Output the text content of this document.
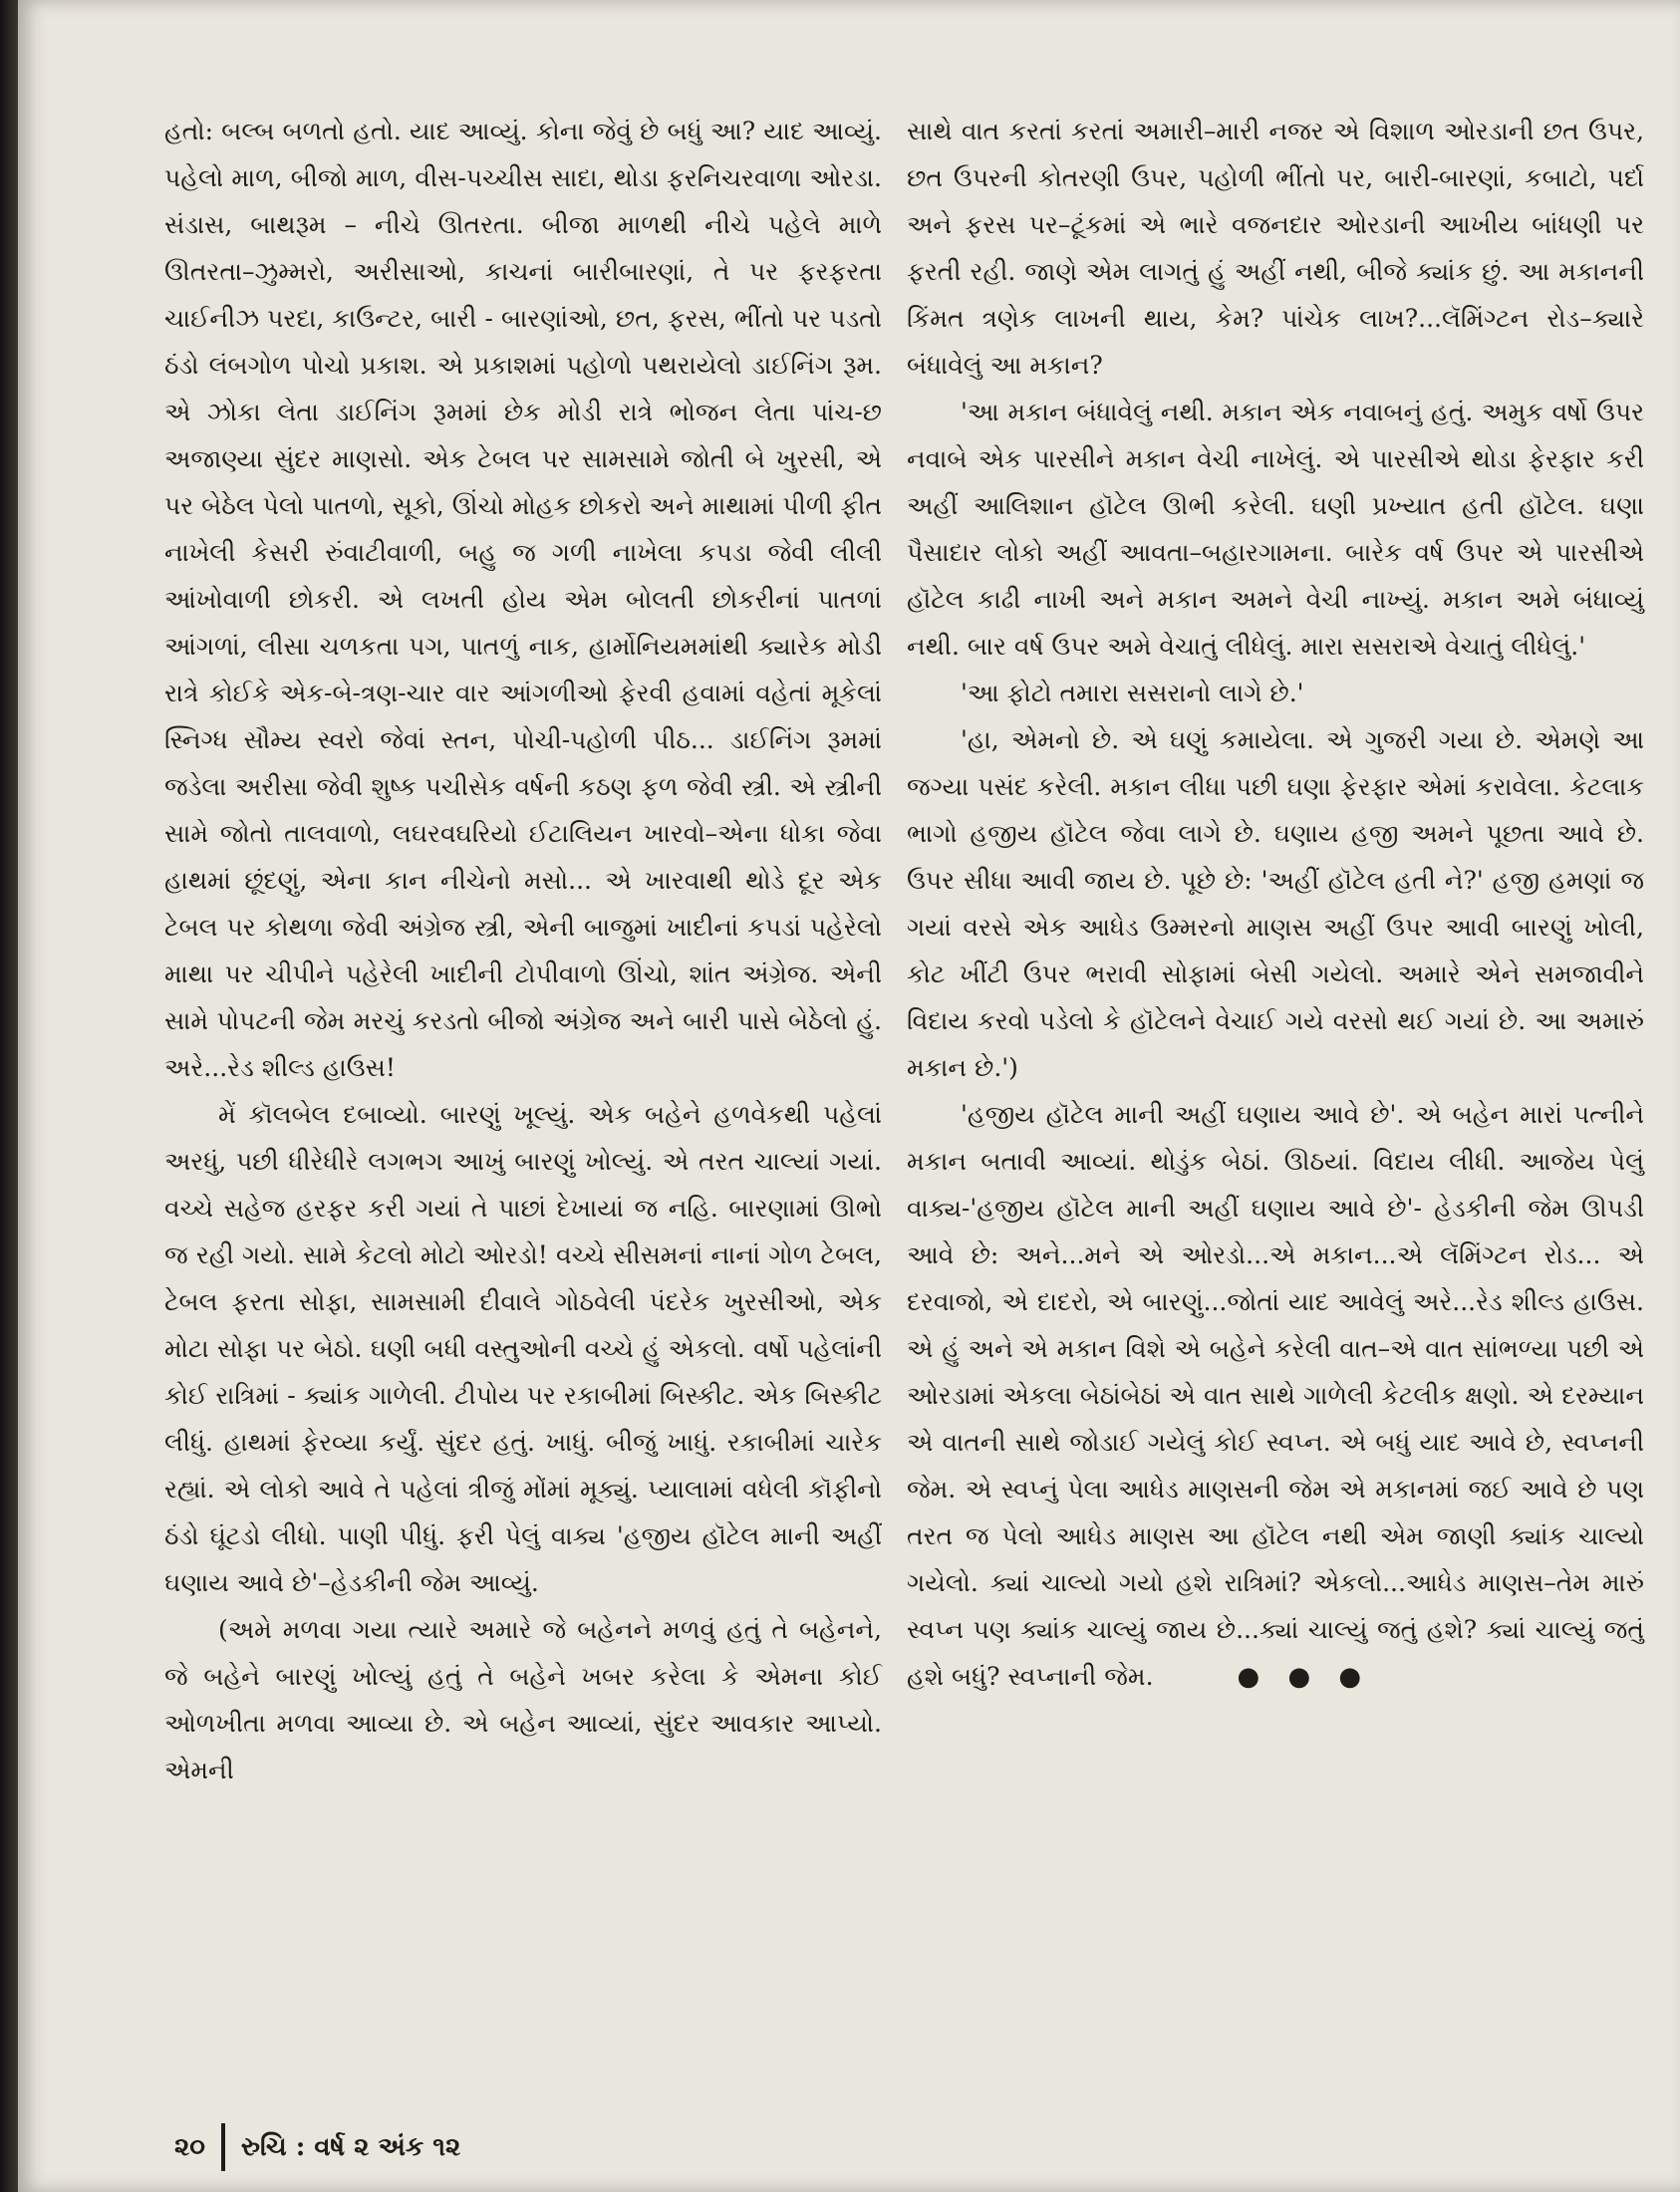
હતો: બલ્બ બળતો હતો. યાદ આવ્યું. કોના જેવું છે બધું આ? યાદ આવ્યું. પહેલો માળ, બીજો માળ, વીસ-પચ્ચીસ સાદા, થોડા ફરનિચરવાળા ઓરડા. સંડાસ, બાથરૂમ – નીચે ઊતરતા. બીજા માળથી નીચે પહેલે માળે ઊતરતા–ઝુમ્મરો, અરીસાઓ, કાચનાં બારીબારણાં, તે પર ફરફરતા ચાઈનીઝ પરદા, કાઉન્ટર, બારી - બારણાંઓ, છત, ફરસ, ભીંતો પર પડતો ઠંડો લંબગોળ પોચો પ્રકાશ. એ પ્રકાશમાં પહોળો પથરાયેલો ડાઈનિંગ રૂમ. એ ઝોકા લેતા ડાઈનિંગ રૂમમાં છેક મોડી રાત્રે ભોજન લેતા પાંચ-છ અજાણ્યા સુંદર માણસો. એક ટેબલ પર સામસામે જોતી બે ખુરસી, એ પર બેઠેલ પેલો પાતળો, સૂકો, ઊંચો મોહક છોકરો અને માથામાં પીળી ફીત નાખેલી કેસરી રુંવાટીવાળી, બહુ જ ગળી નાખેલા કપડા જેવી લીલી આંખોવાળી છોકરી. એ લખતી હોય એમ બોલતી છોકરીનાં પાતળાં આંગળાં, લીસા ચળકતા પગ, પાતળું નાક, હાર્મોનિયમમાંથી ક્યારેક મોડી રાત્રે કોઈકે એક-બે-ત્રણ-ચાર વાર આંગળીઓ ફેરવી હવામાં વહેતાં મૂકેલાં સ્નિગ્ધ સૌમ્ય સ્વરો જેવાં સ્તન, પોચી-પહોળી પીઠ... ડાઈનિંગ રૂમમાં જડેલા અરીસા જેવી શુષ્ક પચીસેક વર્ષની કઠણ ફળ જેવી સ્ત્રી. એ સ્ત્રીની સામે જોતો તાલવાળો, લઘરવઘરિયો ઈટાલિયન ખારવો–એના ધોકા જેવા હાથમાં છૂંદણું, એના કાન નીચેનો મસો... એ ખારવાથી થોડે દૂર એક ટેબલ પર કોથળા જેવી અંગ્રેજ સ્ત્રી, એની બાજુમાં ખાદીનાં કપડાં પહેરેલો માથા પર ચીપીને પહેરેલી ખાદીની ટોપીવાળો ઊંચો, શાંત અંગ્રેજ. એની સામે પોપટની જેમ મરચું કરડતો બીજો અંગ્રેજ અને બારી પાસે બેઠેલો હું. અરે...રેડ શીલ્ડ હાઉસ!

મેં કૉલબેલ દબાવ્યો. બારણું ખૂલ્યું. એક બહેને હળવેકથી પહેલાં અરધું, પછી ધીરેધીરે લગભગ આખું બારણું ખોલ્યું. એ તરત ચાલ્યાં ગયાં. વચ્ચે સહેજ હરફર કરી ગયાં તે પાછાં દેખાયાં જ નહિ. બારણામાં ઊભો જ રહી ગયો. સામે કેટલો મોટો ઓરડો! વચ્ચે સીસમનાં નાનાં ગોળ ટેબલ, ટેબલ ફરતા સોફા, સામસામી દીવાલે ગોઠવેલી પંદરેક ખુરસીઓ, એક મોટા સોફા પર બેઠો. ઘણી બધી વસ્તુઓની વચ્ચે હું એકલો. વર્ષો પહેલાંની કોઈ રાત્રિમાં - ક્યાંક ગાળેલી. ટીપોય પર રકાબીમાં બિસ્કીટ. એક બિસ્કીટ લીધું. હાથમાં ફેરવ્યા કર્યું. સુંદર હતું. ખાધું. બીજું ખાધું. રકાબીમાં ચારેક રહ્યાં. એ લોકો આવે તે પહેલાં ત્રીજું મોંમાં મૂક્યું. પ્યાલામાં વધેલી કૉફીનો ઠંડો ઘૂંટડો લીધો. પાણી પીધું. ફરી પેલું વાક્ય 'હજીય હૉટેલ માની અહીં ઘણાય આવે છે'–હેડકીની જેમ આવ્યું.

(અમે મળવા ગયા ત્યારે અમારે જે બહેનને મળવું હતું તે બહેનને, જે બહેને બારણું ખોલ્યું હતું તે બહેને ખબર કરેલા કે એમના કોઈ ઓળખીતા મળવા આવ્યા છે. એ બહેન આવ્યાં, સુંદર આવકાર આપ્યો. એમની

સાથે વાત કરતાં કરતાં અમારી–મારી નજર એ વિશાળ ઓરડાની છત ઉપર, છત ઉપરની કોતરણી ઉપર, પહોળી ભીંતો પર, બારી-બારણાં, કબાટો, પર્દા અને ફરસ પર–ટૂંકમાં એ ભારે વજનદાર ઓરડાની આખીય બાંધણી પર ફરતી રહી. જાણે એમ લાગતું હું અહીં નથી, બીજે ક્યાંક છું. આ મકાનની કિંમત ત્રણેક લાખની થાય, કેમ? પાંચેક લાખ?...લૅમિંગ્ટન રોડ–ક્યારે બંધાવેલું આ મકાન?

'આ મકાન બંધાવેલું નથી. મકાન એક નવાબનું હતું. અમુક વર્ષો ઉપર નવાબે એક પારસીને મકાન વેચી નાખેલું. એ પારસીએ થોડા ફેરફાર કરી અહીં આલિશાન હૉટેલ ઊભી કરેલી. ઘણી પ્રખ્યાત હતી હૉટેલ. ઘણા પૈસાદાર લોકો અહીં આવતા–બહારગામના. બારેક વર્ષ ઉપર એ પારસીએ હૉટેલ કાઢી નાખી અને મકાન અમને વેચી નાખ્યું. મકાન અમે બંધાવ્યું નથી. બાર વર્ષ ઉપર અમે વેચાતું લીધેલું. મારા સસરાએ વેચાતું લીધેલું.'

'આ ફોટો તમારા સસરાનો લાગે છે.'

'હા, એમનો છે. એ ઘણું કમાયેલા. એ ગુજરી ગયા છે. એમણે આ જગ્યા પસંદ કરેલી. મકાન લીધા પછી ઘણા ફેરફાર એમાં કરાવેલા. કેટલાક ભાગો હજીય હૉટેલ જેવા લાગે છે. ઘણાય હજી અમને પૂછતા આવે છે. ઉપર સીધા આવી જાય છે. પૂછે છે: 'અહીં હૉટેલ હતી ને?' હજી હમણાં જ ગયાં વરસે એક આધેડ ઉમ્મરનો માણસ અહીં ઉપર આવી બારણું ખોલી, કોટ ખીંટી ઉપર ભરાવી સોફામાં બેસી ગયેલો. અમારે એને સમજાવીને વિદાય કરવો પડેલો કે હૉટેલને વેચાઈ ગયે વરસો થઈ ગયાં છે. આ અમારું મકાન છે.')

'હજીય હૉટેલ માની અહીં ઘણાય આવે છે'. એ બહેન મારાં પત્નીને મકાન બતાવી આવ્યાં. થોડુંક બેઠાં. ઊઠયાં. વિદાય લીધી. આજેય પેલું વાક્ય-'હજીય હૉટેલ માની અહીં ઘણાય આવે છે'- હેડકીની જેમ ઊપડી આવે છે: અને...મને એ ઓરડો...એ મકાન...એ લૅમિંગ્ટન રોડ... એ દરવાજો, એ દાદરો, એ બારણું...જોતાં યાદ આવેલું અરે...રેડ શીલ્ડ હાઉસ. એ હું અને એ મકાન વિશે એ બહેને કરેલી વાત–એ વાત સાંભળ્યા પછી એ ઓરડામાં એકલા બેઠાંબેઠાં એ વાત સાથે ગાળેલી કેટલીક ક્ષણો. એ દરમ્યાન એ વાતની સાથે જોડાઈ ગયેલું કોઈ સ્વપ્ન. એ બધું યાદ આવે છે, સ્વપ્નની જેમ. એ સ્વપ્નું પેલા આધેડ માણસની જેમ એ મકાનમાં જઈ આવે છે પણ તરત જ પેલો આધેડ માણસ આ હૉટેલ નથી એમ જાણી ક્યાંક ચાલ્યો ગયેલો. ક્યાં ચાલ્યો ગયો હશે રાત્રિમાં? એકલો...આધેડ માણસ–તેમ મારું સ્વપ્ન પણ ક્યાંક ચાલ્યું જાય છે...ક્યાં ચાલ્યું જતું હશે? ક્યાં ચાલ્યું જતું હશે બધું? સ્વપ્નાની જેમ.	● ● ●

૨૦ રુચિ : વર્ષ ૨ અંક ૧૨
